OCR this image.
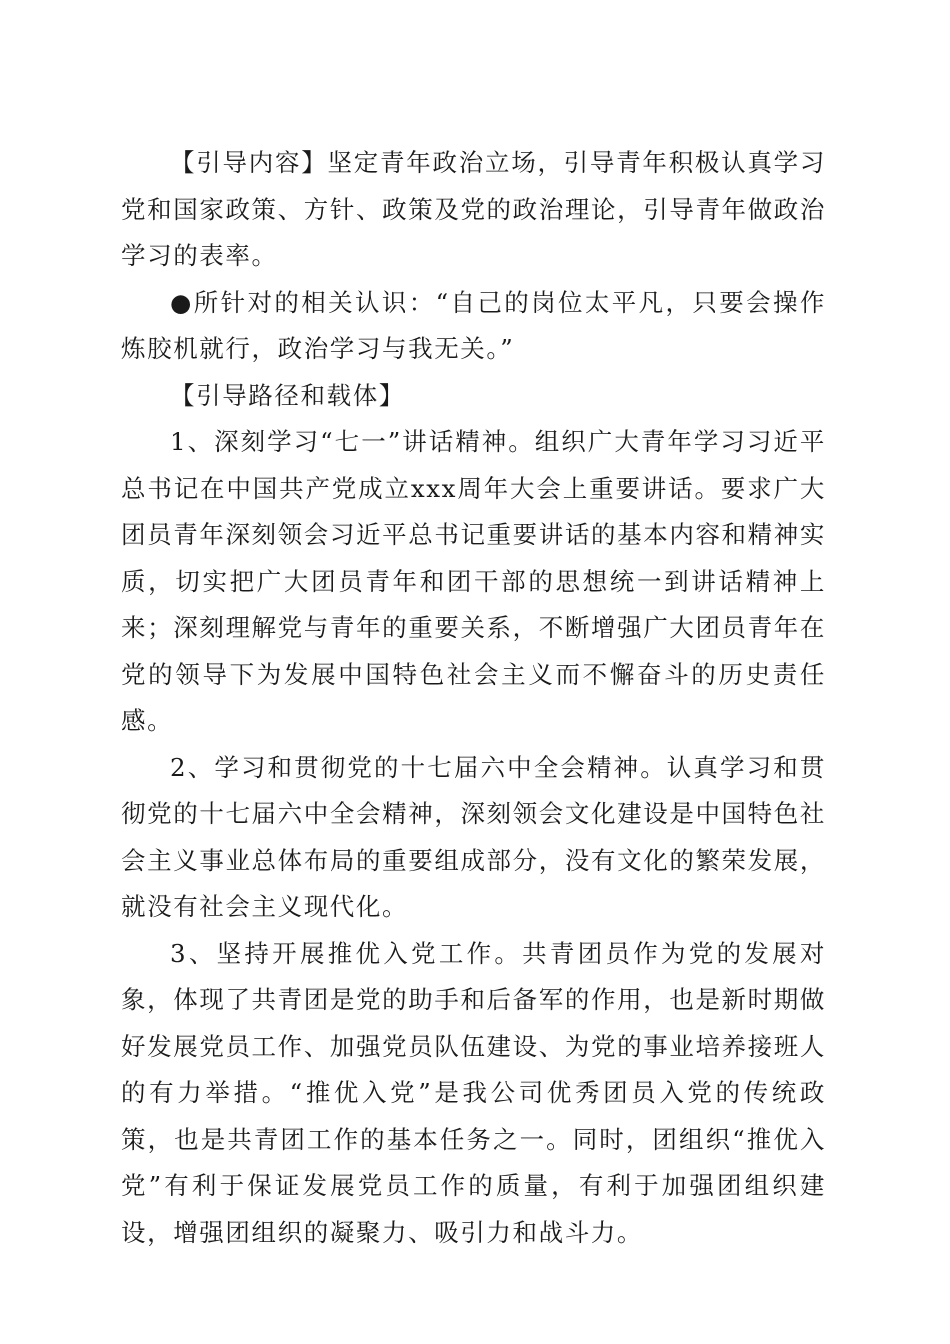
【引导内容】坚定青年政治立场，引导青年积极认真学习党和国家政策、方针、政策及党的政治理论，引导青年做政治学习的表率。

●所针对的相关认识：“自己的岗位太平凡，只要会操作炼胶机就行，政治学习与我无关。”

【引导路径和载体】

1、深刻学习“七一”讲话精神。组织广大青年学习习近平总书记在中国共产党成立xxx周年大会上重要讲话。要求广大团员青年深刻领会习近平总书记重要讲话的基本内容和精神实质，切实把广大团员青年和团干部的思想统一到讲话精神上来；深刻理解党与青年的重要关系，不断增强广大团员青年在党的领导下为发展中国特色社会主义而不懈奋斗的历史责任感。

2、学习和贯彻党的十七届六中全会精神。认真学习和贯彻党的十七届六中全会精神，深刻领会文化建设是中国特色社会主义事业总体布局的重要组成部分，没有文化的繁荣发展，就没有社会主义现代化。

3、坚持开展推优入党工作。共青团员作为党的发展对象，体现了共青团是党的助手和后备军的作用，也是新时期做好发展党员工作、加强党员队伍建设、为党的事业培养接班人的有力举措。“推优入党”是我公司优秀团员入党的传统政策，也是共青团工作的基本任务之一。同时，团组织“推优入党”有利于保证发展党员工作的质量，有利于加强团组织建设，增强团组织的凝聚力、吸引力和战斗力。
